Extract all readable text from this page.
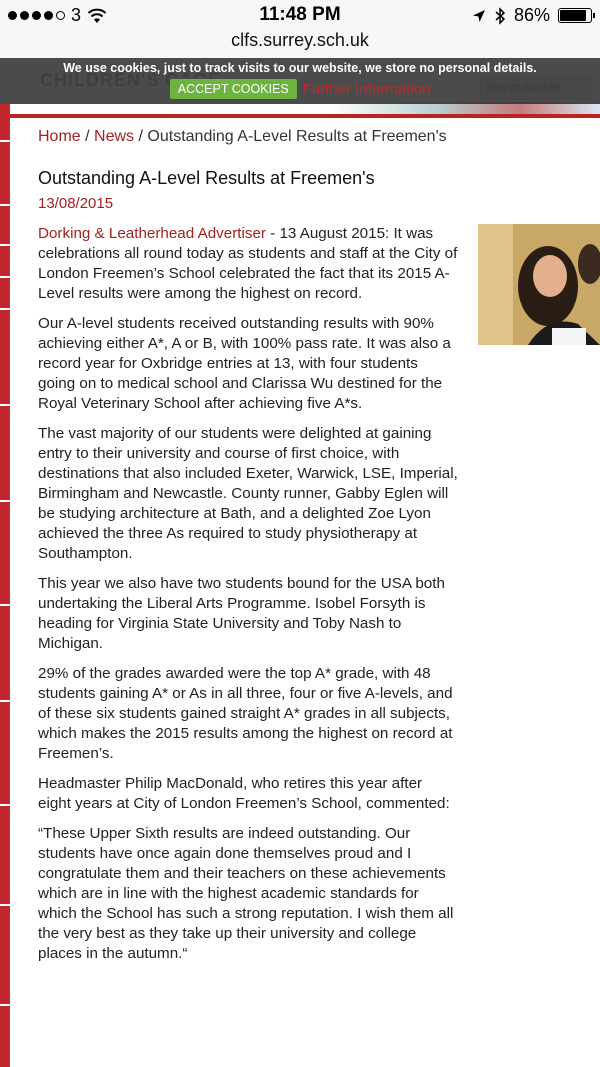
3	11:48 PM	86%
clfs.surrey.sch.uk
We use cookies, just to track visits to our website, we store no personal details.
ACCEPT COOKIES Further Information
Home / News / Outstanding A-Level Results at Freemen's
Outstanding A-Level Results at Freemen's
13/08/2015

Dorking & Leatherhead Advertiser - 13 August 2015: It was celebrations all round today as students and staff at the City of London Freemen’s School celebrated the fact that its 2015 A-Level results were among the highest on record.

Our A-level students received outstanding results with 90% achieving either A*, A or B, with 100% pass rate. It was also a record year for Oxbridge entries at 13, with four students going on to medical school and Clarissa Wu destined for the Royal Veterinary School after achieving five A*s.

The vast majority of our students were delighted at gaining entry to their university and course of first choice, with destinations that also included Exeter, Warwick, LSE, Imperial, Birmingham and Newcastle. County runner, Gabby Eglen will be studying architecture at Bath, and a delighted Zoe Lyon achieved the three As required to study physiotherapy at Southampton.

This year we also have two students bound for the USA both undertaking the Liberal Arts Programme. Isobel Forsyth is heading for Virginia State University and Toby Nash to Michigan.

29% of the grades awarded were the top A* grade, with 48 students gaining A* or As in all three, four or five A-levels, and of these six students gained straight A* grades in all subjects, which makes the 2015 results among the highest on record at Freemen’s.

Headmaster Philip MacDonald, who retires this year after eight years at City of London Freemen’s School, commented:

“These Upper Sixth results are indeed outstanding. Our students have once again done themselves proud and I congratulate them and their teachers on these achievements which are in line with the highest academic standards for which the School has such a strong reputation. I wish them all the very best as they take up their university and college places in the autumn.“
